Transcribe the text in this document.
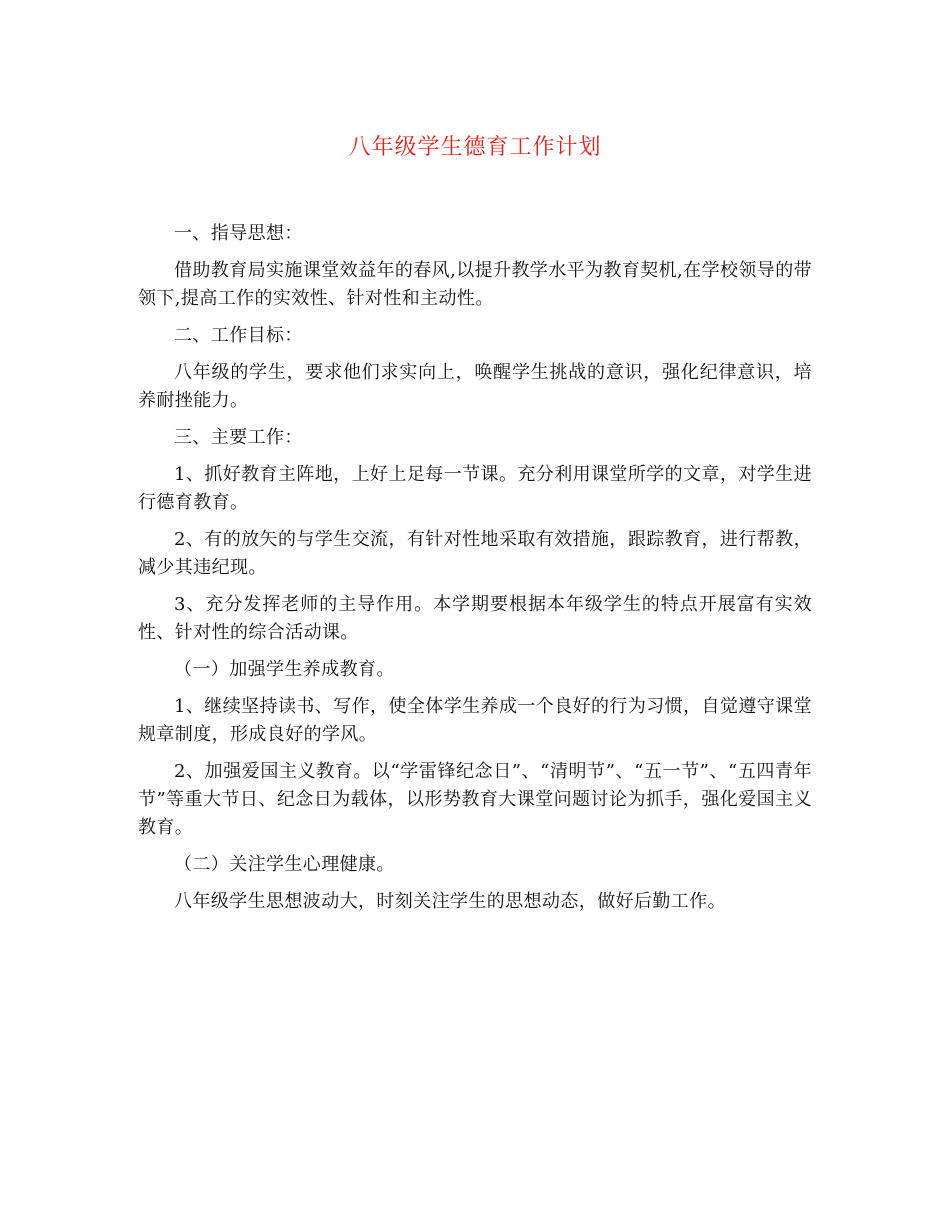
八年级学生德育工作计划

一、指导思想：

借助教育局实施课堂效益年的春风,以提升教学水平为教育契机,在学校领导的带领下,提高工作的实效性、针对性和主动性。

二、工作目标：

八年级的学生，要求他们求实向上，唤醒学生挑战的意识，强化纪律意识，培养耐挫能力。

三、主要工作：

1、抓好教育主阵地，上好上足每一节课。充分利用课堂所学的文章，对学生进行德育教育。

2、有的放矢的与学生交流，有针对性地采取有效措施，跟踪教育，进行帮教，减少其违纪现。

3、充分发挥老师的主导作用。本学期要根据本年级学生的特点开展富有实效性、针对性的综合活动课。

（一）加强学生养成教育。

1、继续坚持读书、写作，使全体学生养成一个良好的行为习惯，自觉遵守课堂规章制度，形成良好的学风。

2、加强爱国主义教育。以“学雷锋纪念日”、“清明节”、“五一节”、“五四青年节”等重大节日、纪念日为载体，以形势教育大课堂问题讨论为抓手，强化爱国主义教育。

（二）关注学生心理健康。

八年级学生思想波动大，时刻关注学生的思想动态，做好后勤工作。
